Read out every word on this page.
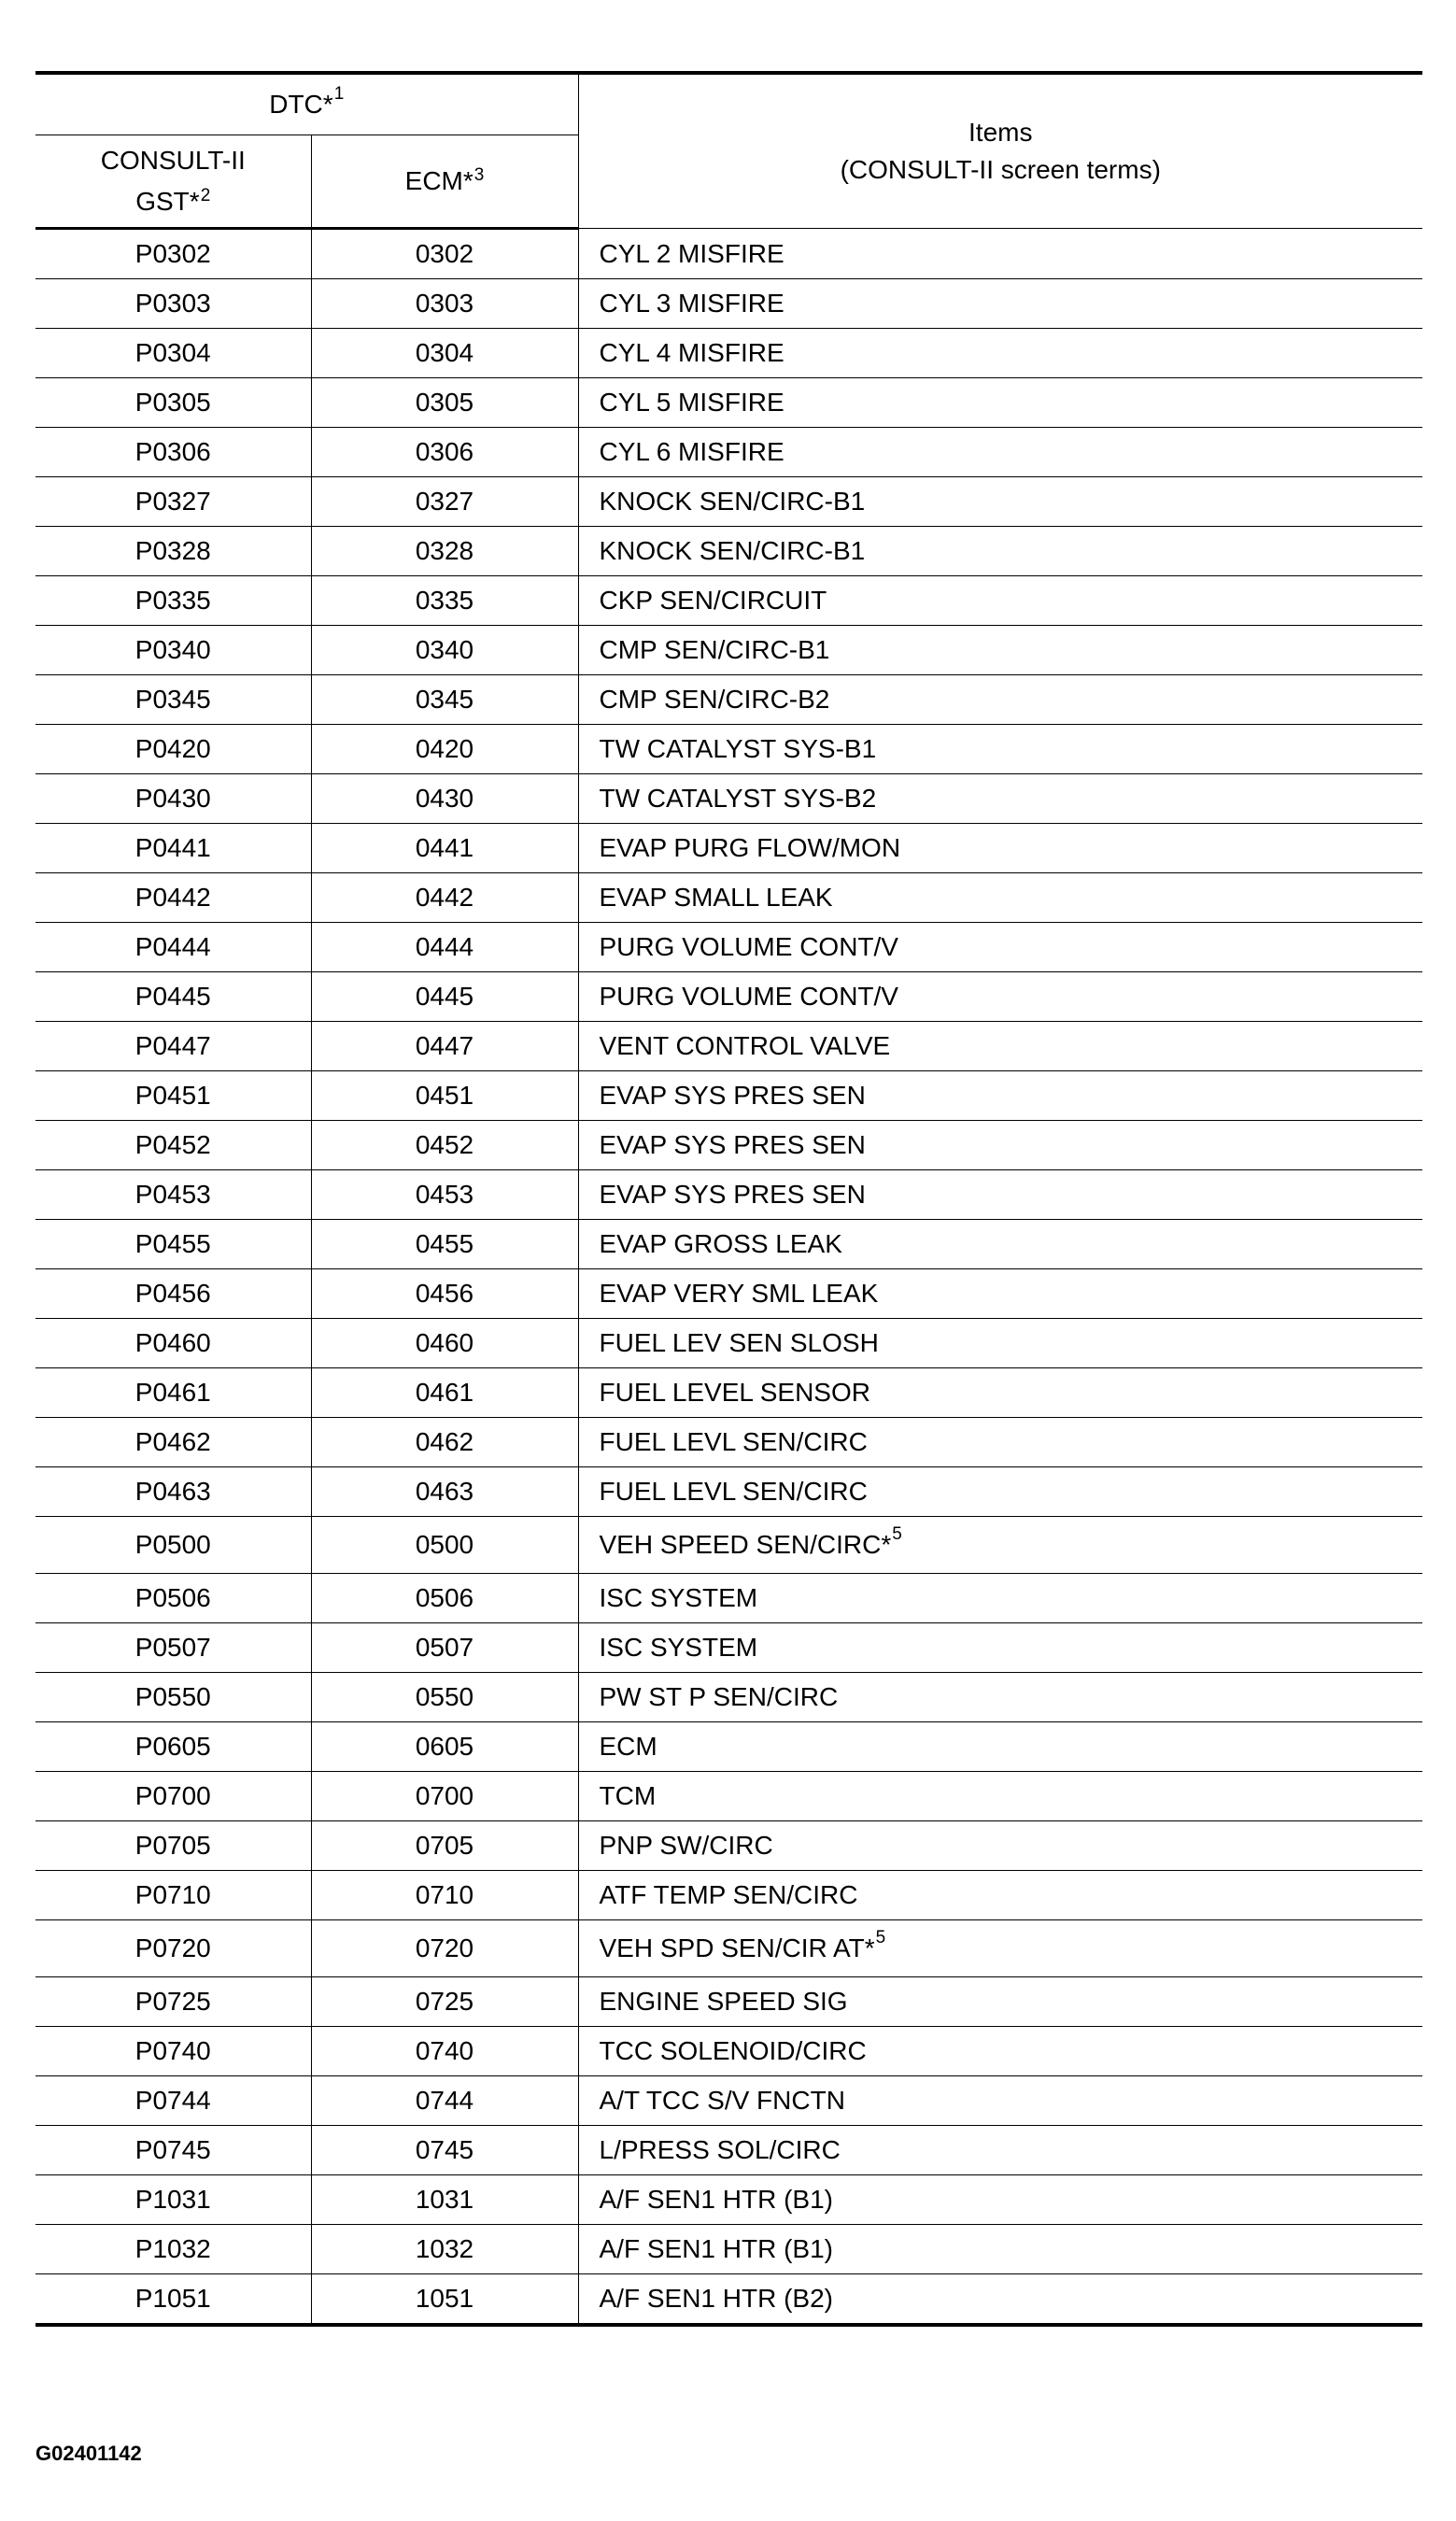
DTC*$^1$		Items
(CONSULT-II screen terms)

CONSULT-II
GST*$^2$	ECM*$^3$
P0302	0302	CYL 2 MISFIRE
P0303	0303	CYL 3 MISFIRE
P0304	0304	CYL 4 MISFIRE
P0305	0305	CYL 5 MISFIRE
P0306	0306	CYL 6 MISFIRE
P0327	0327	KNOCK SEN/CIRC-B1
P0328	0328	KNOCK SEN/CIRC-B1
P0335	0335	CKP SEN/CIRCUIT
P0340	0340	CMP SEN/CIRC-B1
P0345	0345	CMP SEN/CIRC-B2
P0420	0420	TW CATALYST SYS-B1
P0430	0430	TW CATALYST SYS-B2
P0441	0441	EVAP PURG FLOW/MON
P0442	0442	EVAP SMALL LEAK
P0444	0444	PURG VOLUME CONT/V
P0445	0445	PURG VOLUME CONT/V
P0447	0447	VENT CONTROL VALVE
P0451	0451	EVAP SYS PRES SEN
P0452	0452	EVAP SYS PRES SEN
P0453	0453	EVAP SYS PRES SEN
P0455	0455	EVAP GROSS LEAK
P0456	0456	EVAP VERY SML LEAK
P0460	0460	FUEL LEV SEN SLOSH
P0461	0461	FUEL LEVEL SENSOR
P0462	0462	FUEL LEVL SEN/CIRC
P0463	0463	FUEL LEVL SEN/CIRC
P0500	0500	VEH SPEED SEN/CIRC*$^5$
P0506	0506	ISC SYSTEM
P0507	0507	ISC SYSTEM
P0550	0550	PW ST P SEN/CIRC
P0605	0605	ECM
P0700	0700	TCM
P0705	0705	PNP SW/CIRC
P0710	0710	ATF TEMP SEN/CIRC
P0720	0720	VEH SPD SEN/CIR AT*$^5$
P0725	0725	ENGINE SPEED SIG
P0740	0740	TCC SOLENOID/CIRC
P0744	0744	A/T TCC S/V FNCTN
P0745	0745	L/PRESS SOL/CIRC
P1031	1031	A/F SEN1 HTR (B1)
P1032	1032	A/F SEN1 HTR (B1)
P1051	1051	A/F SEN1 HTR (B2)
G02401142
